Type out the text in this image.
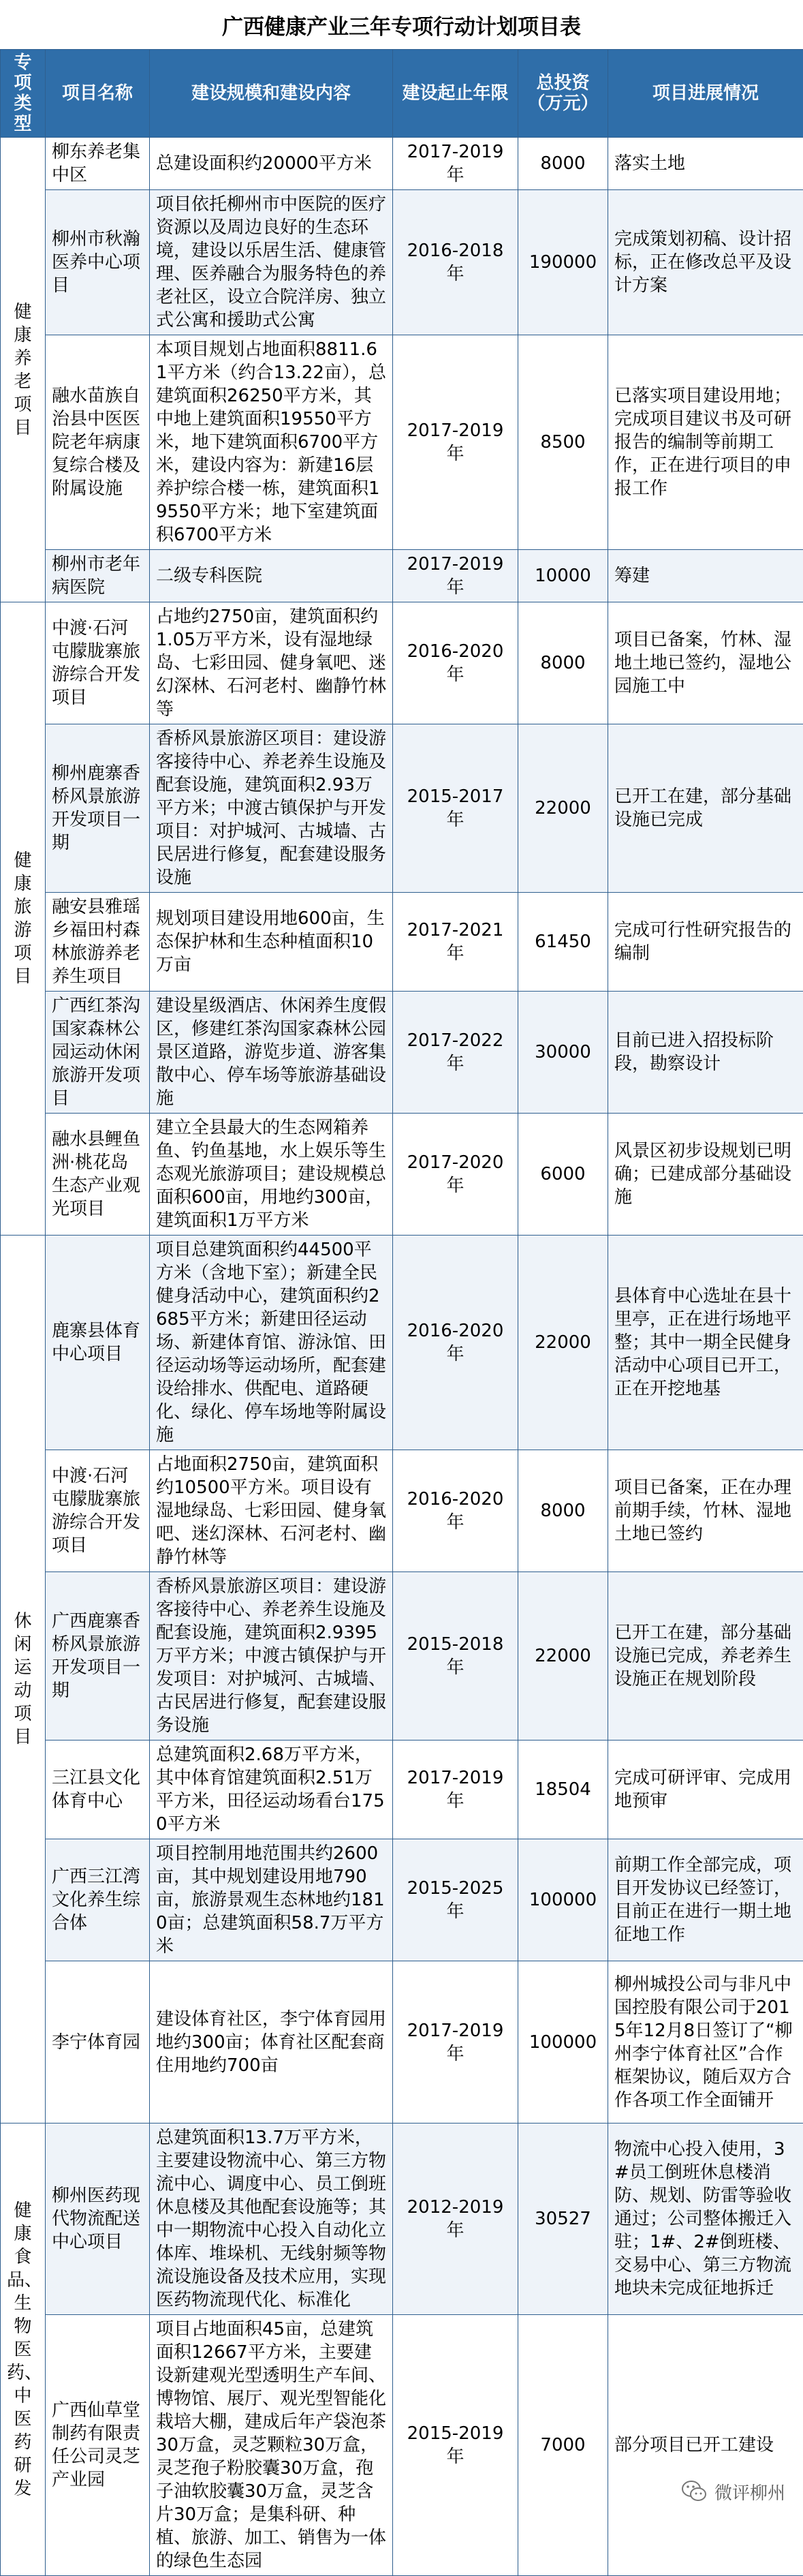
广西健康产业三年专项行动计划项目表
专项类型	项目名称	建设规模和建设内容	建设起止年限	总投资（万元）	项目进展情况
健康养老项目	柳东养老集中区	总建设面积约20000平方米	2017-2019年	8000	落实土地
	柳州市秋瀚医养中心项目	项目依托柳州市中医院的医疗资源以及周边良好的生态环境，建设以乐居生活、健康管理、医养融合为服务特色的养老社区，设立合院洋房、独立式公寓和援助式公寓	2016-2018年	190000	完成策划初稿、设计招标，正在修改总平及设计方案
	融水苗族自治县中医医院老年病康复综合楼及附属设施	本项目规划占地面积8811.61平方米（约合13.22亩），总建筑面积26250平方米，其中地上建筑面积19550平方米，地下建筑面积6700平方米，建设内容为：新建16层养护综合楼一栋，建筑面积19550平方米；地下室建筑面积6700平方米	2017-2019年	8500	已落实项目建设用地；完成项目建议书及可研报告的编制等前期工作，正在进行项目的申报工作
	柳州市老年病医院	二级专科医院	2017-2019年	10000	筹建
健康旅游项目	中渡·石河屯朦胧寨旅游综合开发项目	占地约2750亩，建筑面积约1.05万平方米，设有湿地绿岛、七彩田园、健身氧吧、迷幻深林、石河老村、幽静竹林等	2016-2020年	8000	项目已备案，竹林、湿地土地已签约，湿地公园施工中
	柳州鹿寨香桥风景旅游开发项目一期	香桥风景旅游区项目：建设游客接待中心、养老养生设施及配套设施，建筑面积2.93万平方米；中渡古镇保护与开发项目：对护城河、古城墙、古民居进行修复，配套建设服务设施	2015-2017年	22000	已开工在建，部分基础设施已完成
	融安县雅瑶乡福田村森林旅游养老养生项目	规划项目建设用地600亩，生态保护林和生态种植面积10万亩	2017-2021年	61450	完成可行性研究报告的编制
	广西红茶沟国家森林公园运动休闲旅游开发项目	建设星级酒店、休闲养生度假区，修建红茶沟国家森林公园景区道路，游览步道、游客集散中心、停车场等旅游基础设施	2017-2022年	30000	目前已进入招投标阶段，勘察设计
	融水县鲤鱼洲·桃花岛生态产业观光项目	建立全县最大的生态网箱养鱼、钓鱼基地，水上娱乐等生态观光旅游项目；建设规模总面积600亩，用地约300亩，建筑面积1万平方米	2017-2020年	6000	风景区初步设规划已明确；已建成部分基础设施
休闲运动项目	鹿寨县体育中心项目	项目总建筑面积约44500平方米（含地下室）；新建全民健身活动中心，建筑面积约2685平方米；新建田径运动场、新建体育馆、游泳馆、田径运动场等运动场所，配套建设给排水、供配电、道路硬化、绿化、停车场地等附属设施	2016-2020年	22000	县体育中心选址在县十里亭，正在进行场地平整；其中一期全民健身活动中心项目已开工，正在开挖地基
	中渡·石河屯朦胧寨旅游综合开发项目	占地面积2750亩，建筑面积约10500平方米。项目设有湿地绿岛、七彩田园、健身氧吧、迷幻深林、石河老村、幽静竹林等	2016-2020年	8000	项目已备案，正在办理前期手续，竹林、湿地土地已签约
	广西鹿寨香桥风景旅游开发项目一期	香桥风景旅游区项目：建设游客接待中心、养老养生设施及配套设施，建筑面积2.9395万平方米；中渡古镇保护与开发项目：对护城河、古城墙、古民居进行修复，配套建设服务设施	2015-2018年	22000	已开工在建，部分基础设施已完成，养老养生设施正在规划阶段
	三江县文化体育中心	总建筑面积2.68万平方米，其中体育馆建筑面积2.51万平方米，田径运动场看台1750平方米	2017-2019年	18504	完成可研评审、完成用地预审
	广西三江湾文化养生综合体	项目控制用地范围共约2600亩，其中规划建设用地790亩，旅游景观生态林地约1810亩；总建筑面积58.7万平方米	2015-2025年	100000	前期工作全部完成，项目开发协议已经签订，目前正在进行一期土地征地工作
	李宁体育园	建设体育社区，李宁体育园用地约300亩；体育社区配套商住用地约700亩	2017-2019年	100000	柳州城投公司与非凡中国控股有限公司于2015年12月8日签订了“柳州李宁体育社区”合作框架协议，随后双方合作各项工作全面铺开
健康食品、生物医药、中医药研发	柳州医药现代物流配送中心项目	总建筑面积13.7万平方米，主要建设物流中心、第三方物流中心、调度中心、员工倒班休息楼及其他配套设施等；其中一期物流中心投入自动化立体库、堆垛机、无线射频等物流设施设备及技术应用，实现医药物流现代化、标准化	2012-2019年	30527	物流中心投入使用，3#员工倒班休息楼消防、规划、防雷等验收通过；公司整体搬迁入驻；1#、2#倒班楼、交易中心、第三方物流地块未完成征地拆迁
	广西仙草堂制药有限责任公司灵芝产业园	项目占地面积45亩，总建筑面积12667平方米，主要建设新建观光型透明生产车间、博物馆、展厅、观光型智能化栽培大棚，建成后年产袋泡茶30万盒，灵芝颗粒30万盒，灵芝孢子粉胶囊30万盒，孢子油软胶囊30万盒，灵芝含片30万盒；是集科研、种植、旅游、加工、销售为一体的绿色生态园	2015-2019年	7000	部分项目已开工建设
微评柳州
